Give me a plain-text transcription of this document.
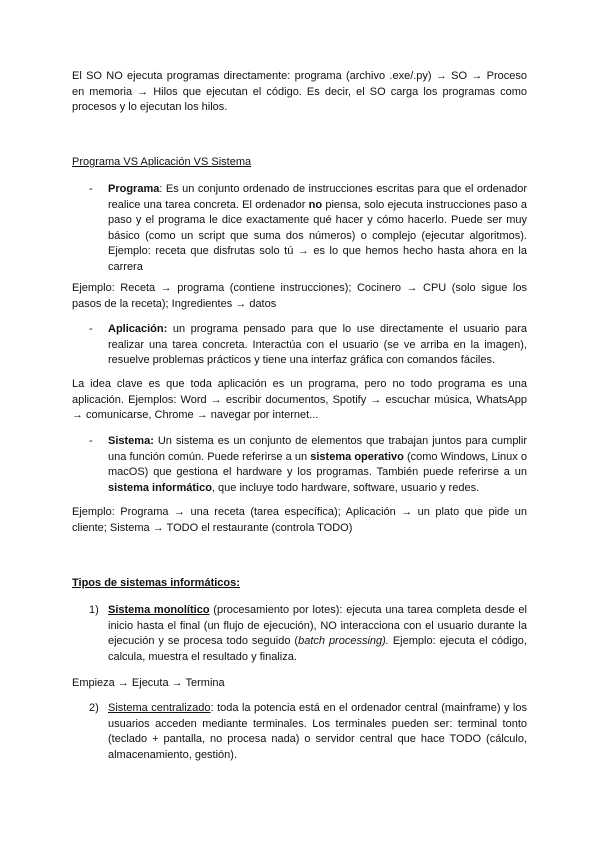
El SO NO ejecuta programas directamente: programa (archivo .exe/.py) → SO → Proceso en memoria → Hilos que ejecutan el código. Es decir, el SO carga los programas como procesos y lo ejecutan los hilos.

Programa VS Aplicación VS Sistema

- Programa: Es un conjunto ordenado de instrucciones escritas para que el ordenador realice una tarea concreta. El ordenador no piensa, solo ejecuta instrucciones paso a paso y el programa le dice exactamente qué hacer y cómo hacerlo. Puede ser muy básico (como un script que suma dos números) o complejo (ejecutar algoritmos). Ejemplo: receta que disfrutas solo tú → es lo que hemos hecho hasta ahora en la carrera

Ejemplo: Receta → programa (contiene instrucciones); Cocinero → CPU (solo sigue los pasos de la receta); Ingredientes → datos

- Aplicación: un programa pensado para que lo use directamente el usuario para realizar una tarea concreta. Interactúa con el usuario (se ve arriba en la imagen), resuelve problemas prácticos y tiene una interfaz gráfica con comandos fáciles.

La idea clave es que toda aplicación es un programa, pero no todo programa es una aplicación. Ejemplos: Word → escribir documentos, Spotify → escuchar música, WhatsApp → comunicarse, Chrome → navegar por internet...

- Sistema: Un sistema es un conjunto de elementos que trabajan juntos para cumplir una función común. Puede referirse a un sistema operativo (como Windows, Linux o macOS) que gestiona el hardware y los programas. También puede referirse a un sistema informático, que incluye todo hardware, software, usuario y redes.

Ejemplo: Programa → una receta (tarea específica); Aplicación → un plato que pide un cliente; Sistema → TODO el restaurante (controla TODO)

Tipos de sistemas informáticos:

1) Sistema monolítico (procesamiento por lotes): ejecuta una tarea completa desde el inicio hasta el final (un flujo de ejecución), NO interacciona con el usuario durante la ejecución y se procesa todo seguido (batch processing). Ejemplo: ejecuta el código, calcula, muestra el resultado y finaliza.

Empieza → Ejecuta → Termina

2) Sistema centralizado: toda la potencia está en el ordenador central (mainframe) y los usuarios acceden mediante terminales. Los terminales pueden ser: terminal tonto (teclado + pantalla, no procesa nada) o servidor central que hace TODO (cálculo, almacenamiento, gestión).
